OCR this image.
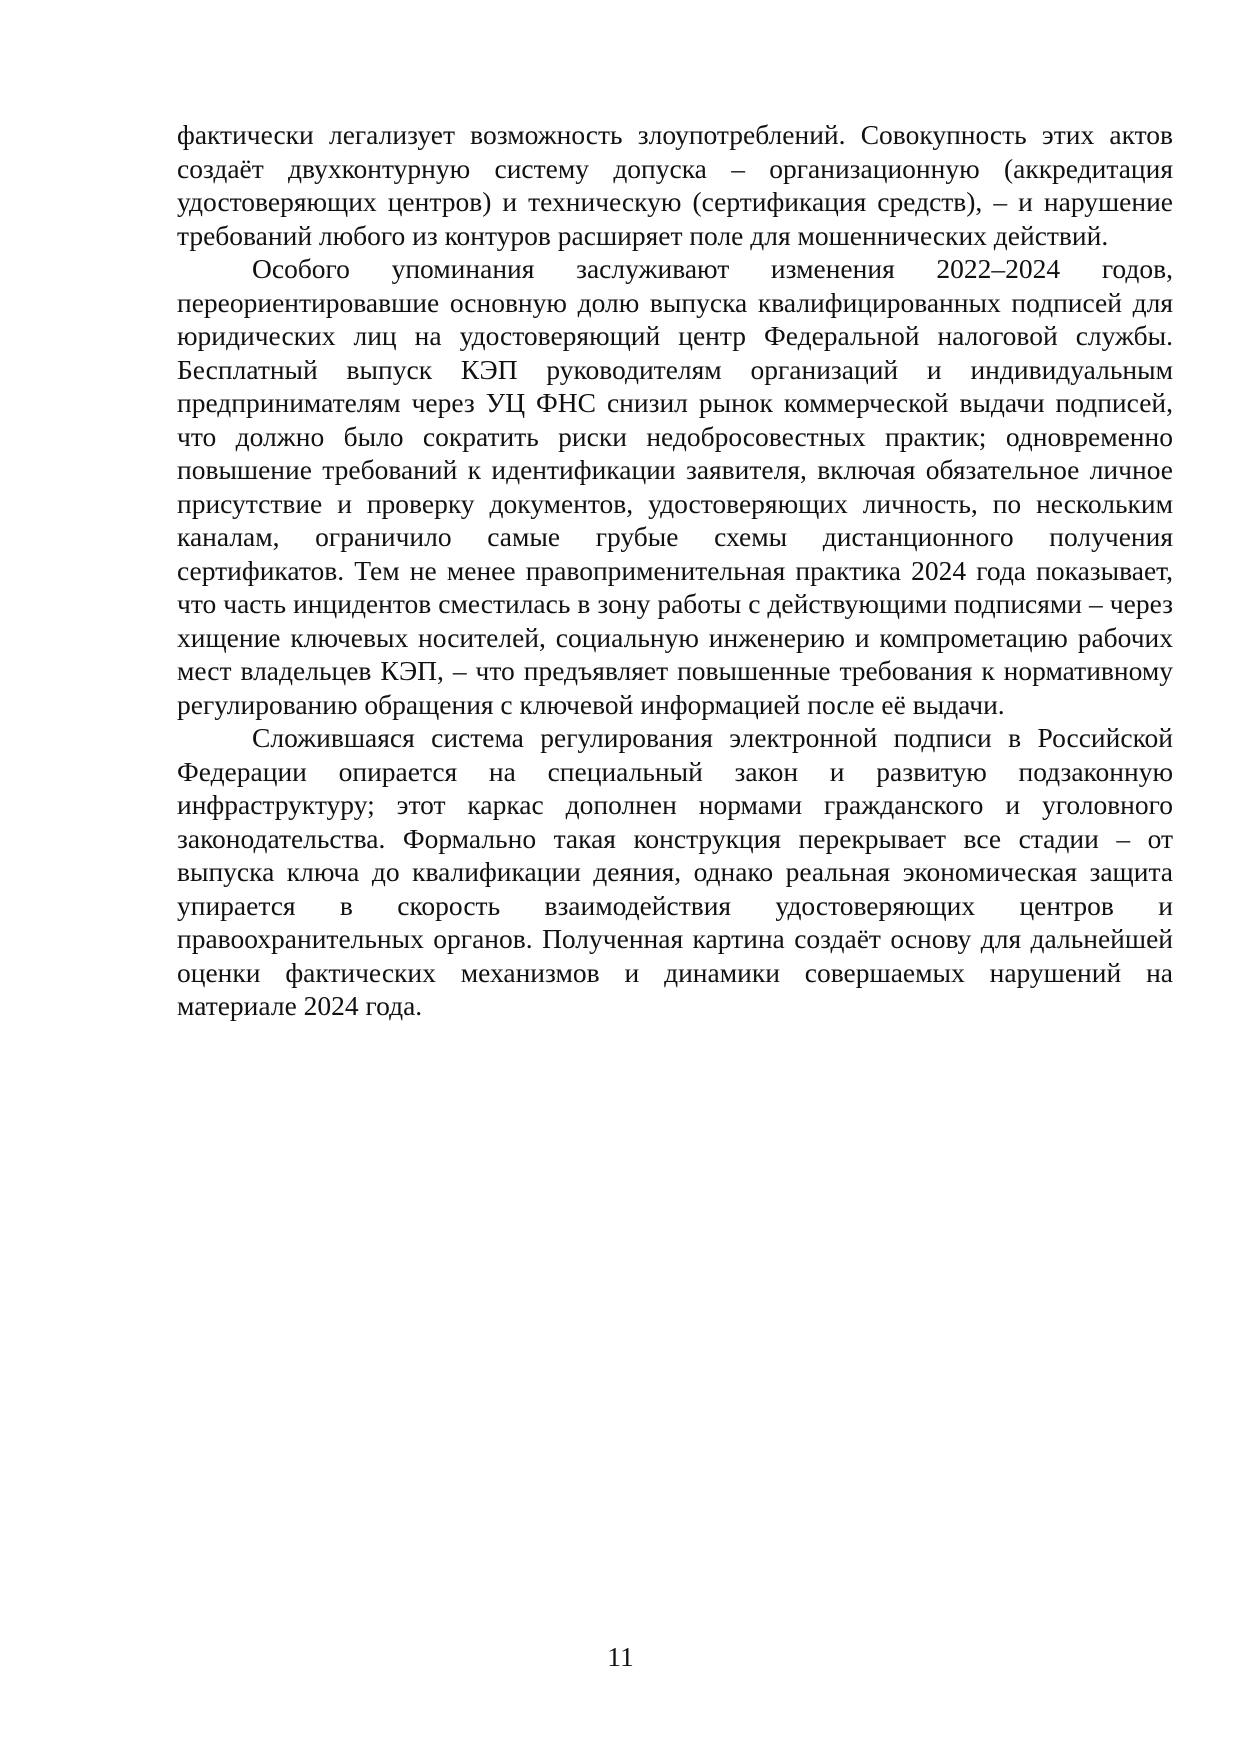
фактически легализует возможность злоупотреблений. Совокупность этих актов создаёт двухконтурную систему допуска – организационную (аккредитация удостоверяющих центров) и техническую (сертификация средств), – и нарушение требований любого из контуров расширяет поле для мошеннических действий.

Особого упоминания заслуживают изменения 2022–2024 годов, переориентировавшие основную долю выпуска квалифицированных подписей для юридических лиц на удостоверяющий центр Федеральной налоговой службы. Бесплатный выпуск КЭП руководителям организаций и индивидуальным предпринимателям через УЦ ФНС снизил рынок коммерческой выдачи подписей, что должно было сократить риски недобросовестных практик; одновременно повышение требований к идентификации заявителя, включая обязательное личное присутствие и проверку документов, удостоверяющих личность, по нескольким каналам, ограничило самые грубые схемы дистанционного получения сертификатов. Тем не менее правоприменительная практика 2024 года показывает, что часть инцидентов сместилась в зону работы с действующими подписями – через хищение ключевых носителей, социальную инженерию и компрометацию рабочих мест владельцев КЭП, – что предъявляет повышенные требования к нормативному регулированию обращения с ключевой информацией после её выдачи.

Сложившаяся система регулирования электронной подписи в Российской Федерации опирается на специальный закон и развитую подзаконную инфраструктуру; этот каркас дополнен нормами гражданского и уголовного законодательства. Формально такая конструкция перекрывает все стадии – от выпуска ключа до квалификации деяния, однако реальная экономическая защита упирается в скорость взаимодействия удостоверяющих центров и правоохранительных органов. Полученная картина создаёт основу для дальнейшей оценки фактических механизмов и динамики совершаемых нарушений на материале 2024 года.

11
